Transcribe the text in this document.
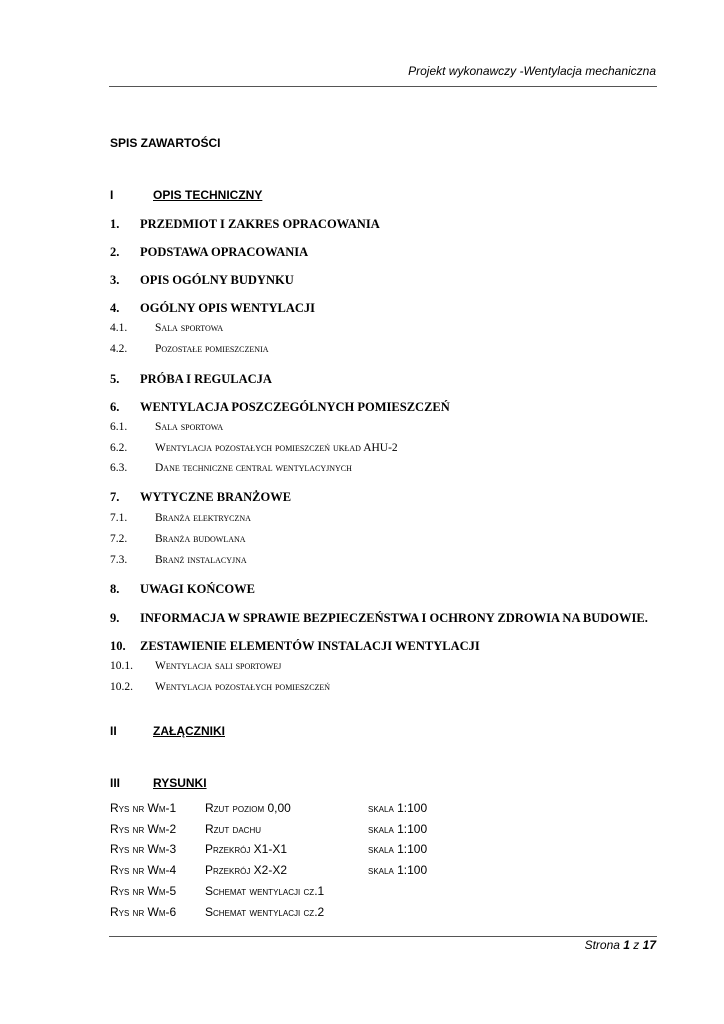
Projekt wykonawczy -Wentylacja mechaniczna
SPIS ZAWARTOŚCI
I	OPIS TECHNICZNY
1. PRZEDMIOT I ZAKRES OPRACOWANIA
2. PODSTAWA OPRACOWANIA
3. OPIS OGÓLNY BUDYNKU
4. OGÓLNY OPIS WENTYLACJI
4.1. Sala sportowa
4.2. Pozostałe pomieszczenia
5. PRÓBA I REGULACJA
6. WENTYLACJA POSZCZEGÓLNYCH POMIESZCZEŃ
6.1. Sala sportowa
6.2. Wentylacja pozostałych pomieszczeń układ AHU-2
6.3. Dane techniczne central wentylacyjnych
7. WYTYCZNE BRANŻOWE
7.1. Branża elektryczna
7.2. Branża budowlana
7.3. Branż instalacyjna
8. UWAGI KOŃCOWE
9. INFORMACJA W SPRAWIE BEZPIECZEŃSTWA I OCHRONY ZDROWIA NA BUDOWIE.
10. ZESTAWIENIE ELEMENTÓW INSTALACJI WENTYLACJI
10.1. Wentylacja sali sportowej
10.2. Wentylacja pozostałych pomieszczeń
II	ZAŁĄCZNIKI
III	RYSUNKI
Rys nr Wm-1 Rzut poziom 0,00	skala 1:100
Rys nr Wm-2 Rzut dachu	skala 1:100
Rys nr Wm-3 Przekrój X1-X1	skala 1:100
Rys nr Wm-4 Przekrój X2-X2	skala 1:100
Rys nr Wm-5 Schemat wentylacji cz.1
Rys nr Wm-6 Schemat wentylacji cz.2
Strona 1 z 17
